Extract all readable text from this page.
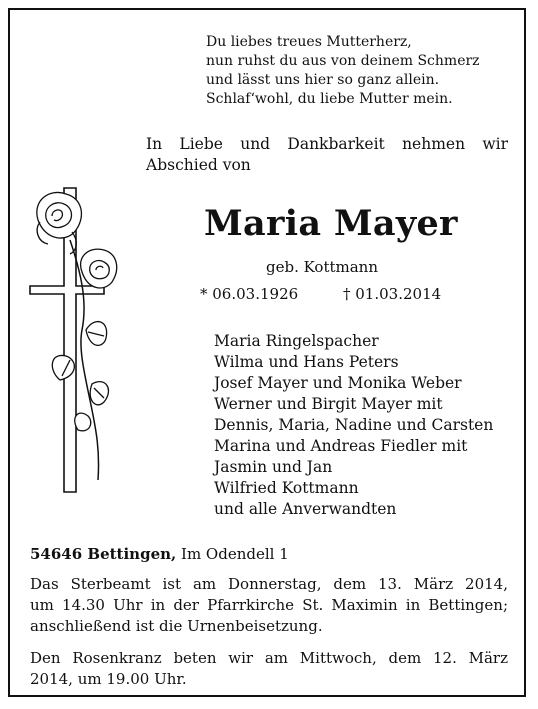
Du liebes treues Mutterherz,
nun ruhst du aus von deinem Schmerz
und lässt uns hier so ganz allein.
Schlaf‘wohl, du liebe Mutter mein.
In Liebe und Dankbarkeit nehmen wir
Abschied von
Maria Mayer
geb. Kottmann
* 06.03.1926	† 01.03.2014
Maria Ringelspacher
Wilma und Hans Peters
Josef Mayer und Monika Weber
Werner und Birgit Mayer mit
Dennis, Maria, Nadine und Carsten
Marina und Andreas Fiedler mit
Jasmin und Jan
Wilfried Kottmann
und alle Anverwandten
54646 Bettingen, Im Odendell 1
Das Sterbeamt ist am Donnerstag, dem 13. März 2014,
um 14.30 Uhr in der Pfarrkirche St. Maximin in Bettingen;
anschließend ist die Urnenbeisetzung.
Den Rosenkranz beten wir am Mittwoch, dem 12. März
2014, um 19.00 Uhr.
